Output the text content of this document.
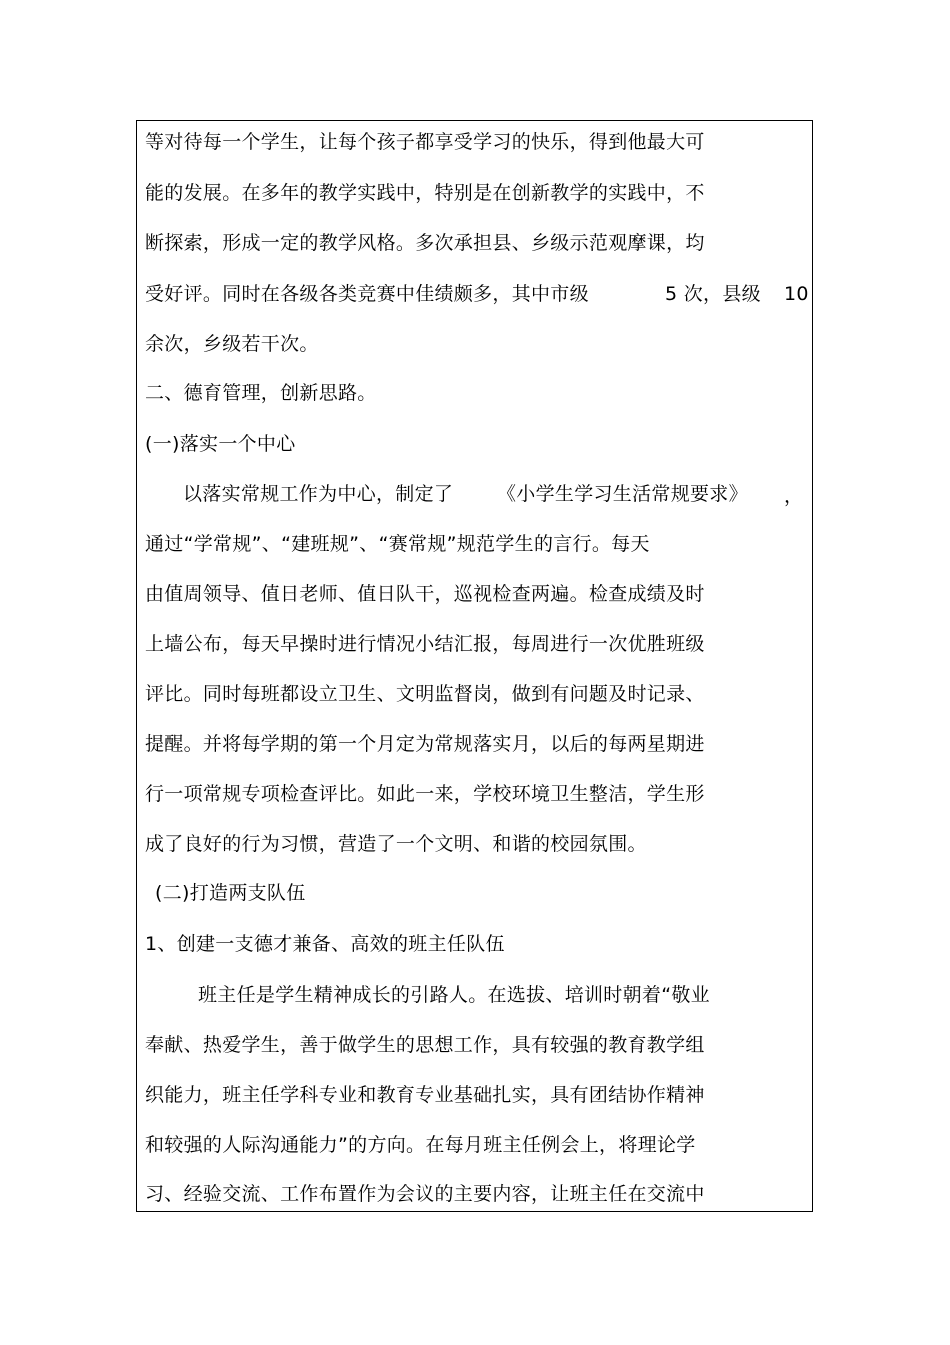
等对待每一个学生，让每个孩子都享受学习的快乐，得到他最大可
能的发展。在多年的教学实践中，特别是在创新教学的实践中，不
断探索，形成一定的教学风格。多次承担县、乡级示范观摩课，均
受好评。同时在各级各类竞赛中佳绩颇多，其中市级	5 次，县级 10
余次，乡级若干次。
二、德育管理，创新思路。
(一)落实一个中心
以落实常规工作为中心，制定了 《小学生学习生活常规要求》 ，
通过“学常规”、“建班规”、“赛常规”规范学生的言行。每天
由值周领导、值日老师、值日队干，巡视检查两遍。检查成绩及时
上墙公布，每天早操时进行情况小结汇报，每周进行一次优胜班级
评比。同时每班都设立卫生、文明监督岗，做到有问题及时记录、
提醒。并将每学期的第一个月定为常规落实月，以后的每两星期进
行一项常规专项检查评比。如此一来，学校环境卫生整洁，学生形
成了良好的行为习惯，营造了一个文明、和谐的校园氛围。
(二)打造两支队伍
1、创建一支德才兼备、高效的班主任队伍
班主任是学生精神成长的引路人。在选拔、培训时朝着“敬业
奉献、热爱学生，善于做学生的思想工作，具有较强的教育教学组
织能力，班主任学科专业和教育专业基础扎实，具有团结协作精神
和较强的人际沟通能力”的方向。在每月班主任例会上，将理论学
习、经验交流、工作布置作为会议的主要内容，让班主任在交流中
